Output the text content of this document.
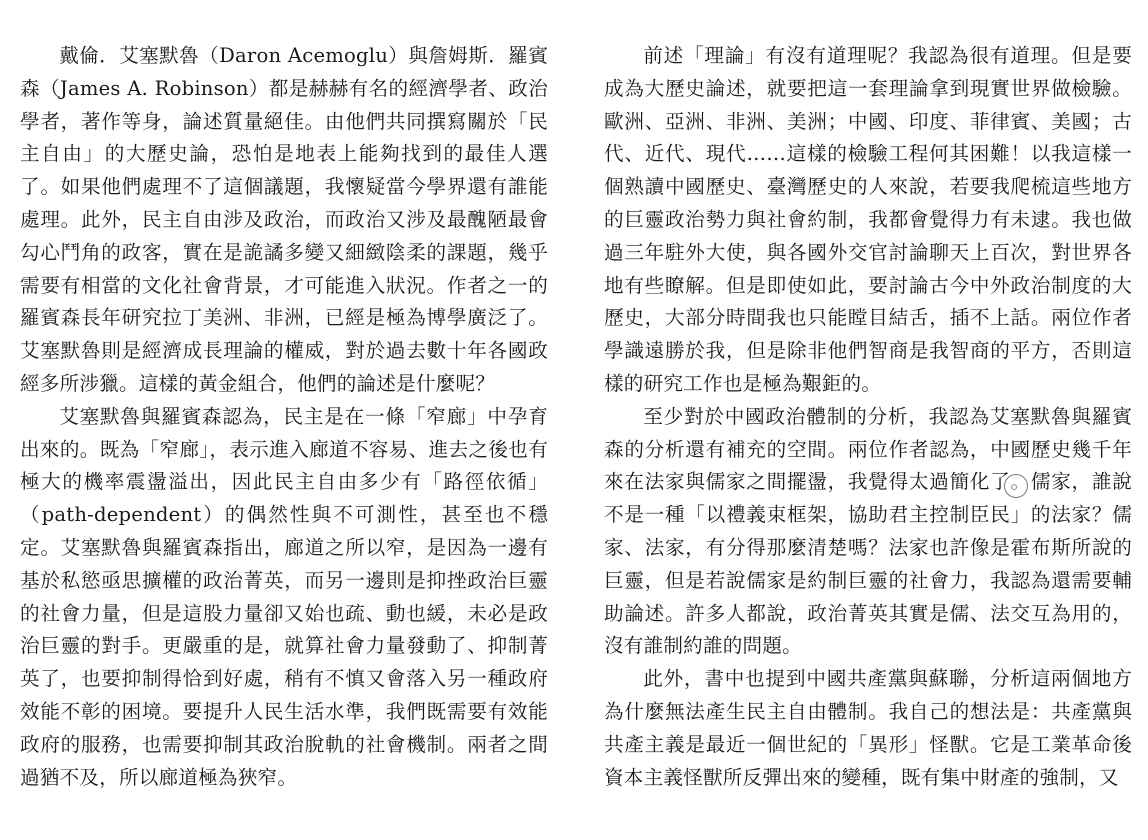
戴倫．艾塞默魯（Daron Acemoglu）與詹姆斯．羅賓森（James A. Robinson）都是赫赫有名的經濟學者、政治學者，著作等身，論述質量絕佳。由他們共同撰寫關於「民主自由」的大歷史論，恐怕是地表上能夠找到的最佳人選了。如果他們處理不了這個議題，我懷疑當今學界還有誰能處理。此外，民主自由涉及政治，而政治又涉及最醜陋最會勾心鬥角的政客，實在是詭譎多變又細緻陰柔的課題，幾乎需要有相當的文化社會背景，才可能進入狀況。作者之一的羅賓森長年研究拉丁美洲、非洲，已經是極為博學廣泛了。艾塞默魯則是經濟成長理論的權威，對於過去數十年各國政經多所涉獵。這樣的黃金組合，他們的論述是什麼呢？

艾塞默魯與羅賓森認為，民主是在一條「窄廊」中孕育出來的。既為「窄廊」，表示進入廊道不容易、進去之後也有極大的機率震盪溢出，因此民主自由多少有「路徑依循」（path-dependent）的偶然性與不可測性，甚至也不穩定。艾塞默魯與羅賓森指出，廊道之所以窄，是因為一邊有基於私慾亟思擴權的政治菁英，而另一邊則是抑挫政治巨靈的社會力量，但是這股力量卻又始也疏、動也緩，未必是政治巨靈的對手。更嚴重的是，就算社會力量發動了、抑制菁英了，也要抑制得恰到好處，稍有不慎又會落入另一種政府效能不彰的困境。要提升人民生活水準，我們既需要有效能政府的服務，也需要抑制其政治脫軌的社會機制。兩者之間過猶不及，所以廊道極為狹窄。

前述「理論」有沒有道理呢？我認為很有道理。但是要成為大歷史論述，就要把這一套理論拿到現實世界做檢驗。歐洲、亞洲、非洲、美洲；中國、印度、菲律賓、美國；古代、近代、現代……這樣的檢驗工程何其困難！以我這樣一個熟讀中國歷史、臺灣歷史的人來說，若要我爬梳這些地方的巨靈政治勢力與社會約制，我都會覺得力有未逮。我也做過三年駐外大使，與各國外交官討論聊天上百次，對世界各地有些瞭解。但是即使如此，要討論古今中外政治制度的大歷史，大部分時間我也只能瞠目結舌，插不上話。兩位作者學識遠勝於我，但是除非他們智商是我智商的平方，否則這樣的研究工作也是極為艱鉅的。

至少對於中國政治體制的分析，我認為艾塞默魯與羅賓森的分析還有補充的空間。兩位作者認為，中國歷史幾千年來在法家與儒家之間擺盪，我覺得太過簡化了。儒家，誰說不是一種「以禮義束框架，協助君主控制臣民」的法家？儒家、法家，有分得那麼清楚嗎？法家也許像是霍布斯所說的巨靈，但是若說儒家是約制巨靈的社會力，我認為還需要輔助論述。許多人都說，政治菁英其實是儒、法交互為用的，沒有誰制約誰的問題。

此外，書中也提到中國共產黨與蘇聯，分析這兩個地方為什麼無法產生民主自由體制。我自己的想法是：共產黨與共產主義是最近一個世紀的「異形」怪獸。它是工業革命後資本主義怪獸所反彈出來的變種，既有集中財產的強制，又
